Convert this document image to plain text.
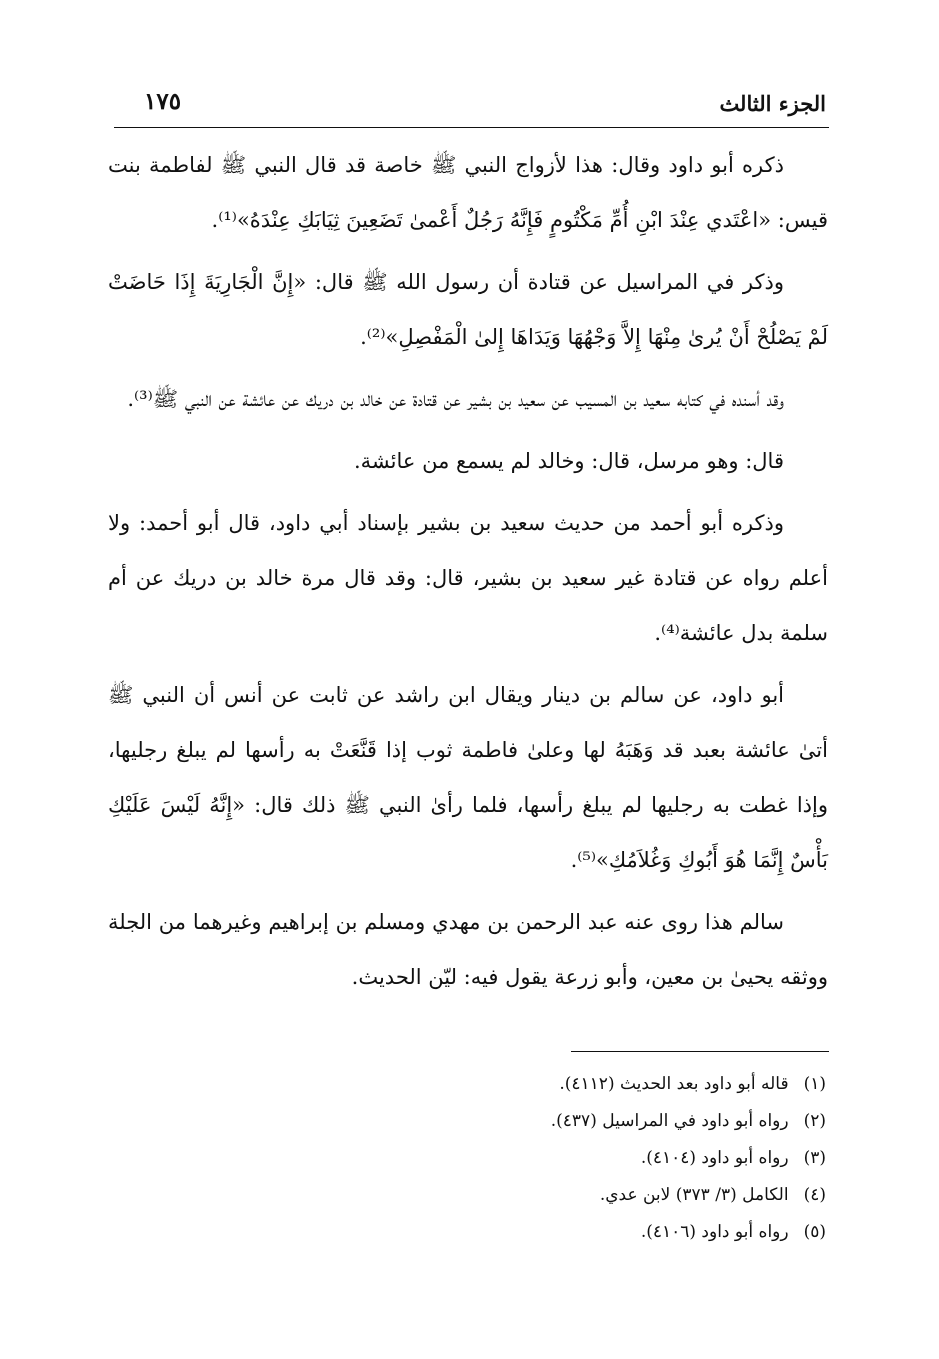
الجزء الثالث
١٧٥

ذكره أبو داود وقال: هذا لأزواج النبي ﷺ خاصة قد قال النبي ﷺ لفاطمة بنت قيس: «اعْتَدي عِنْدَ ابْنِ أُمِّ مَكْتُومٍ فَإِنَّهُ رَجُلٌ أَعْمىٰ تَضَعِينَ ثِيَابَكِ عِنْدَهُ»⁽¹⁾.

وذكر في المراسيل عن قتادة أن رسول الله ﷺ قال: «إِنَّ الْجَارِيَةَ إِذَا حَاضَتْ لَمْ يَصْلُحْ أَنْ يُرىٰ مِنْهَا إِلاَّ وَجْهُهَا وَيَدَاهَا إِلىٰ الْمَفْصِلِ»⁽²⁾.

وقد أسنده في كتابه سعيد بن المسيب عن سعيد بن بشير عن قتادة عن خالد بن دريك عن عائشة عن النبي ﷺ⁽³⁾.

قال: وهو مرسل، قال: وخالد لم يسمع من عائشة.

وذكره أبو أحمد من حديث سعيد بن بشير بإسناد أبي داود، قال أبو أحمد: ولا أعلم رواه عن قتادة غير سعيد بن بشير، قال: وقد قال مرة خالد بن دريك عن أم سلمة بدل عائشة⁽⁴⁾.

أبو داود، عن سالم بن دينار ويقال ابن راشد عن ثابت عن أنس أن النبي ﷺ أتىٰ عائشة بعبد قد وَهَبَهُ لها وعلىٰ فاطمة ثوب إذا قَنَّعَتْ به رأسها لم يبلغ رجليها، وإذا غطت به رجليها لم يبلغ رأسها، فلما رأىٰ النبي ﷺ ذلك قال: «إِنَّهُ لَيْسَ عَلَيْكِ بَأْسٌ إِنَّمَا هُوَ أَبُوكِ وَغُلاَمُكِ»⁽⁵⁾.

سالم هذا روى عنه عبد الرحمن بن مهدي ومسلم بن إبراهيم وغيرهما من الجلة ووثقه يحيىٰ بن معين، وأبو زرعة يقول فيه: ليّن الحديث.

(١) قاله أبو داود بعد الحديث (٤١١٢).
(٢) رواه أبو داود في المراسيل (٤٣٧).
(٣) رواه أبو داود (٤١٠٤).
(٤) الكامل (٣/ ٣٧٣) لابن عدي.
(٥) رواه أبو داود (٤١٠٦).
